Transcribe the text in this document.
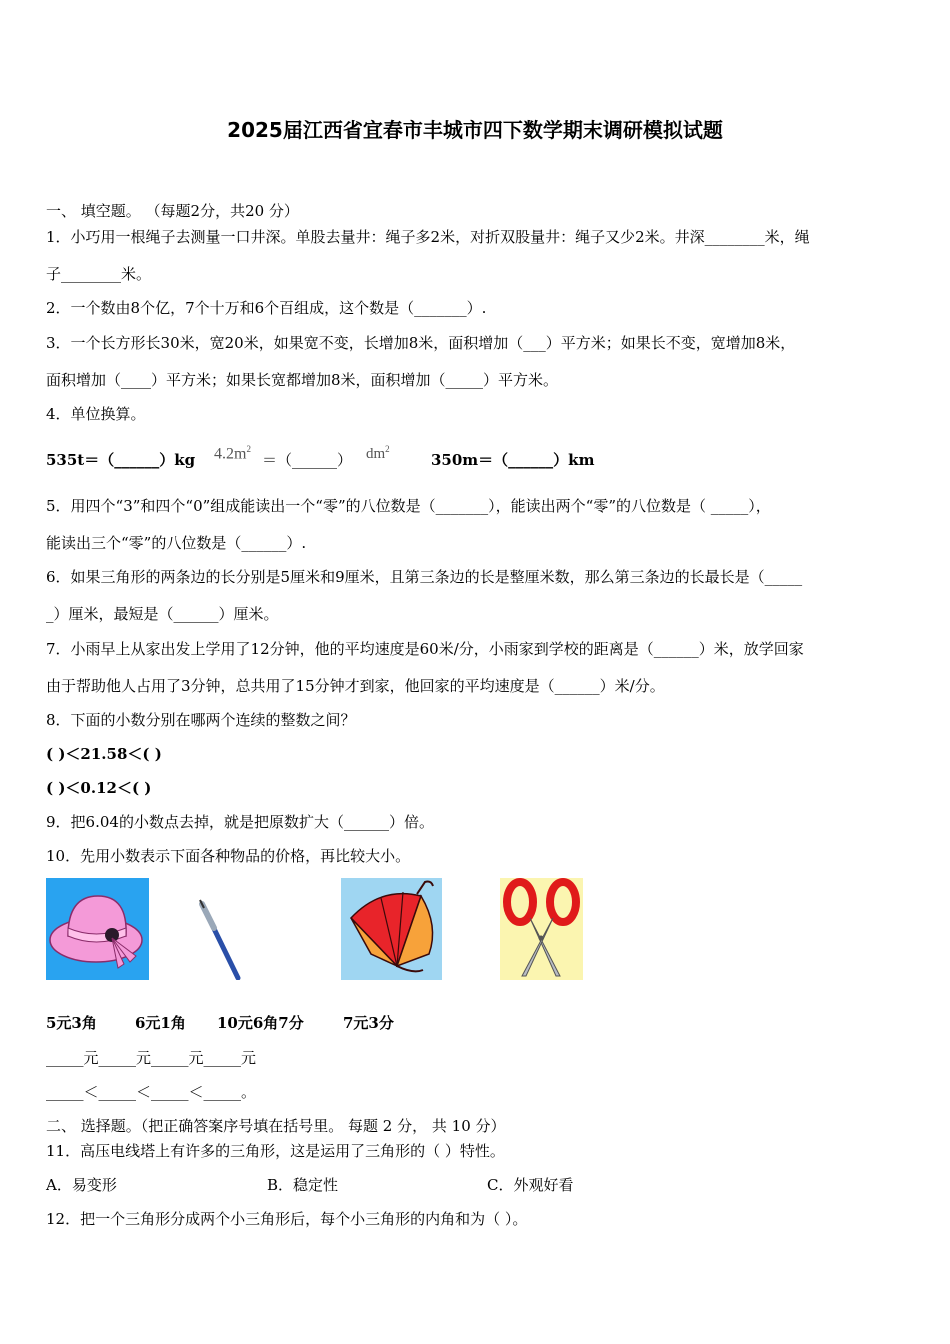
2025届江西省宜春市丰城市四下数学期末调研模拟试题
一、 填空题。 （每题2分，共20 分）
1．小巧用一根绳子去测量一口井深。单股去量井：绳子多2米，对折双股量井：绳子又少2米。井深________米，绳
子________米。
2．一个数由8个亿，7个十万和6个百组成，这个数是（_______）.
3．一个长方形长30米，宽20米，如果宽不变，长增加8米，面积增加（___）平方米；如果长不变，宽增加8米，
面积增加（____）平方米；如果长宽都增加8米，面积增加（_____）平方米。
4．单位换算。
535t＝（______）kg $4.2m^2$
＝（______） $dm^2$
350m＝（______）km
5．用四个“3”和四个“0”组成能读出一个“零”的八位数是（_______），能读出两个“零”的八位数是（ _____），
能读出三个“零”的八位数是（______）.
6．如果三角形的两条边的长分别是5厘米和9厘米，且第三条边的长是整厘米数，那么第三条边的长最长是（_____
_）厘米，最短是（______）厘米。
7．小雨早上从家出发上学用了12分钟，他的平均速度是60米/分，小雨家到学校的距离是（______）米，放学回家
由于帮助他人占用了3分钟，总共用了15分钟才到家，他回家的平均速度是（______）米/分。
8．下面的小数分别在哪两个连续的整数之间？
( )＜21.58＜( )
( )＜0.12＜( )
9．把6.04的小数点去掉，就是把原数扩大（______）倍。
10．先用小数表示下面各种物品的价格，再比较大小。
5元3角	6元1角 10元6角7分	7元3分
_____元_____元_____元_____元
_____＜_____＜_____＜_____。
二、 选择题。（把正确答案序号填在括号里。 每题 2 分， 共 10 分）
11．高压电线塔上有许多的三角形，这是运用了三角形的（ ）特性。
A．易变形	B．稳定性	C．外观好看
12．把一个三角形分成两个小三角形后，每个小三角形的内角和为（ ）。
